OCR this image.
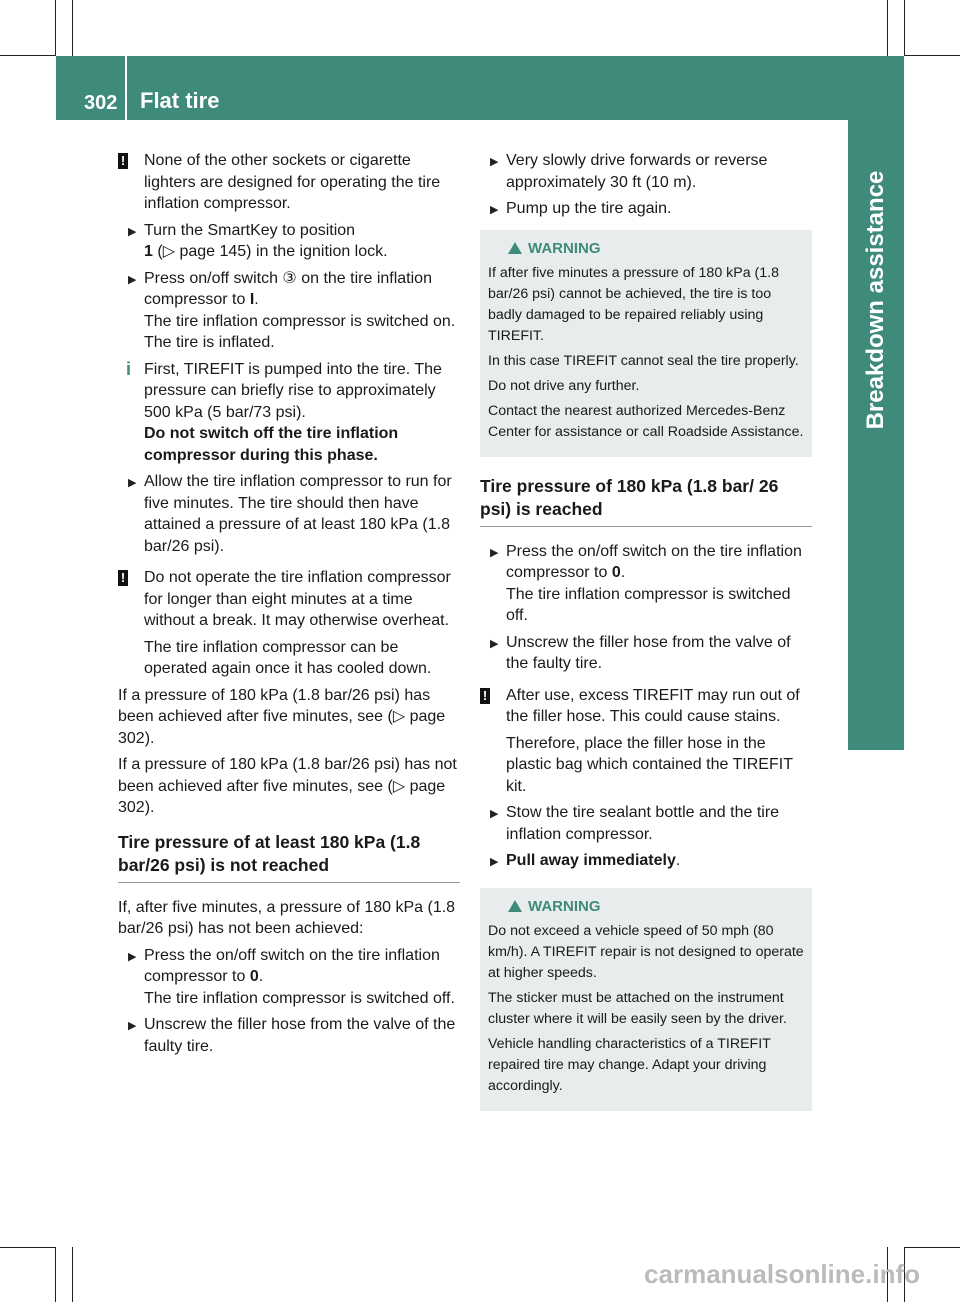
302 Flat tire
Breakdown assistance
! None of the other sockets or cigarette lighters are designed for operating the tire inflation compressor.
▶ Turn the SmartKey to position
1 (▷ page 145) in the ignition lock.
▶ Press on/off switch ③ on the tire inflation compressor to I.
The tire inflation compressor is switched on. The tire is inflated.
i First, TIREFIT is pumped into the tire. The pressure can briefly rise to approximately 500 kPa (5 bar/73 psi).
Do not switch off the tire inflation compressor during this phase.
▶ Allow the tire inflation compressor to run for five minutes. The tire should then have attained a pressure of at least 180 kPa (1.8 bar/26 psi).
! Do not operate the tire inflation compressor for longer than eight minutes at a time without a break. It may otherwise overheat.
The tire inflation compressor can be operated again once it has cooled down.

If a pressure of 180 kPa (1.8 bar/26 psi) has been achieved after five minutes, see (▷ page 302).

If a pressure of 180 kPa (1.8 bar/26 psi) has not been achieved after five minutes, see (▷ page 302).

Tire pressure of at least 180 kPa (1.8 bar/26 psi) is not reached

If, after five minutes, a pressure of 180 kPa (1.8 bar/26 psi) has not been achieved:

▶ Press the on/off switch on the tire inflation compressor to 0.
The tire inflation compressor is switched off.
▶ Unscrew the filler hose from the valve of the faulty tire.
▶ Very slowly drive forwards or reverse approximately 30 ft (10 m).
▶ Pump up the tire again.
WARNING

If after five minutes a pressure of 180 kPa (1.8 bar/26 psi) cannot be achieved, the tire is too badly damaged to be repaired reliably using TIREFIT.

In this case TIREFIT cannot seal the tire properly.

Do not drive any further.

Contact the nearest authorized Mercedes-Benz Center for assistance or call Roadside Assistance.

Tire pressure of 180 kPa (1.8 bar/ 26 psi) is reached
▶ Press the on/off switch on the tire inflation compressor to 0.
The tire inflation compressor is switched off.
▶ Unscrew the filler hose from the valve of the faulty tire.
! After use, excess TIREFIT may run out of the filler hose. This could cause stains.
Therefore, place the filler hose in the plastic bag which contained the TIREFIT kit.
▶ Stow the tire sealant bottle and the tire inflation compressor.
▶ Pull away immediately.
WARNING

Do not exceed a vehicle speed of 50 mph (80 km/h). A TIREFIT repair is not designed to operate at higher speeds.

The sticker must be attached on the instrument cluster where it will be easily seen by the driver.

Vehicle handling characteristics of a TIREFIT repaired tire may change. Adapt your driving accordingly.

carmanualsonline.info
